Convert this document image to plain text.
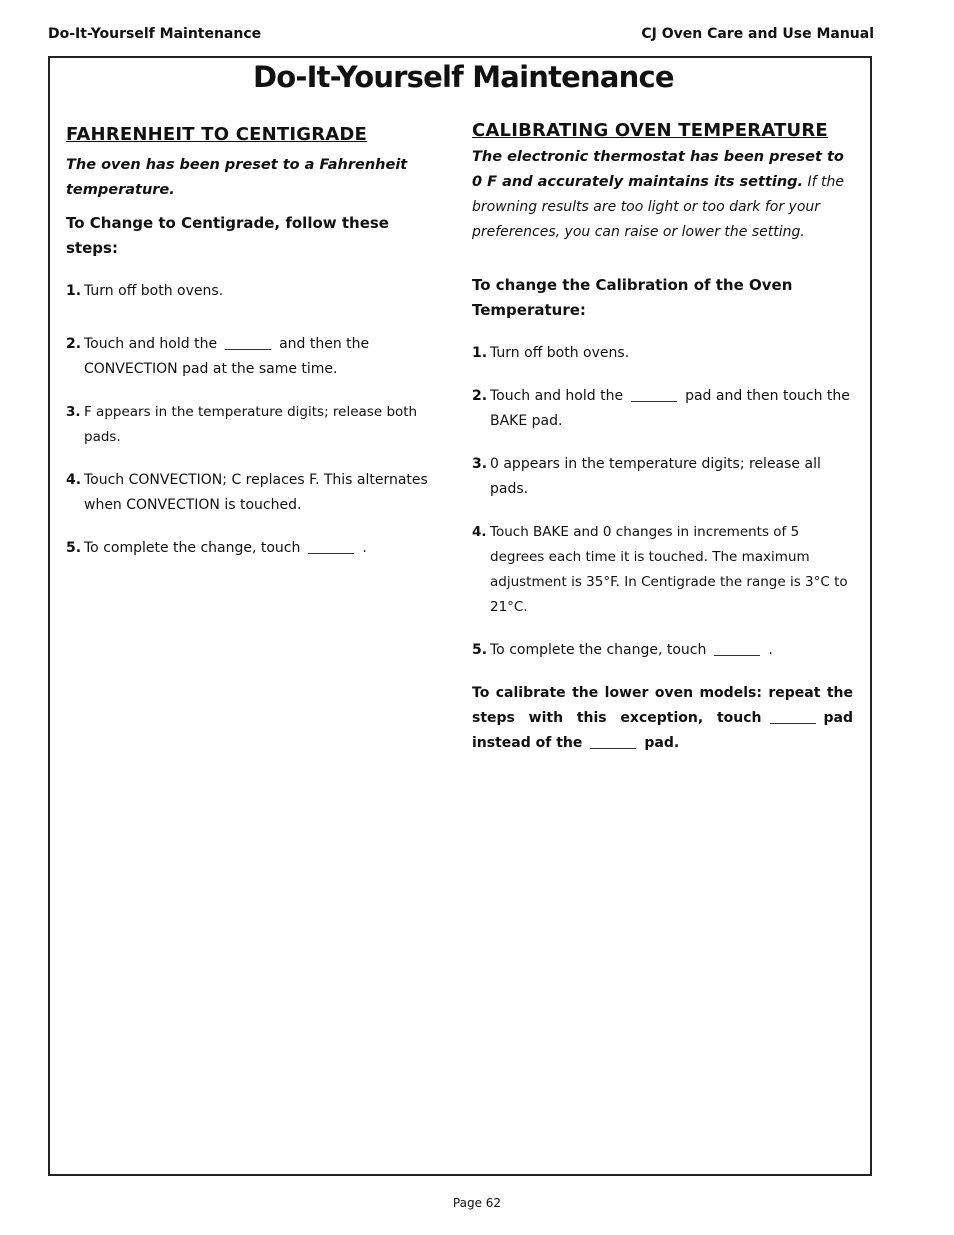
Do-It-Yourself Maintenance	CJ Oven Care and Use Manual
Do-It-Yourself Maintenance
FAHRENHEIT TO CENTIGRADE
The oven has been preset to a Fahrenheit temperature.
To Change to Centigrade, follow these steps:
1. Turn off both ovens.
2. Touch and hold the	and then the CONVECTION pad at the same time.
3. F appears in the temperature digits; release both pads.
4. Touch CONVECTION; C replaces F. This alternates when CONVECTION is touched.
5. To complete the change, touch	.
CALIBRATING OVEN TEMPERATURE
The electronic thermostat has been preset to 0 F and accurately maintains its setting. If the browning results are too light or too dark for your preferences, you can raise or lower the setting.
To change the Calibration of the Oven Temperature:
1. Turn off both ovens.
2. Touch and hold the	pad and then touch the BAKE pad.
3. 0 appears in the temperature digits; release all pads.
4. Touch BAKE and 0 changes in increments of 5 degrees each time it is touched. The maximum adjustment is 35°F. In Centigrade the range is 3°C to 21°C.
5. To complete the change, touch	.
To calibrate the lower oven models: repeat the steps with this exception, touch	pad instead of the	pad.
Page 62
